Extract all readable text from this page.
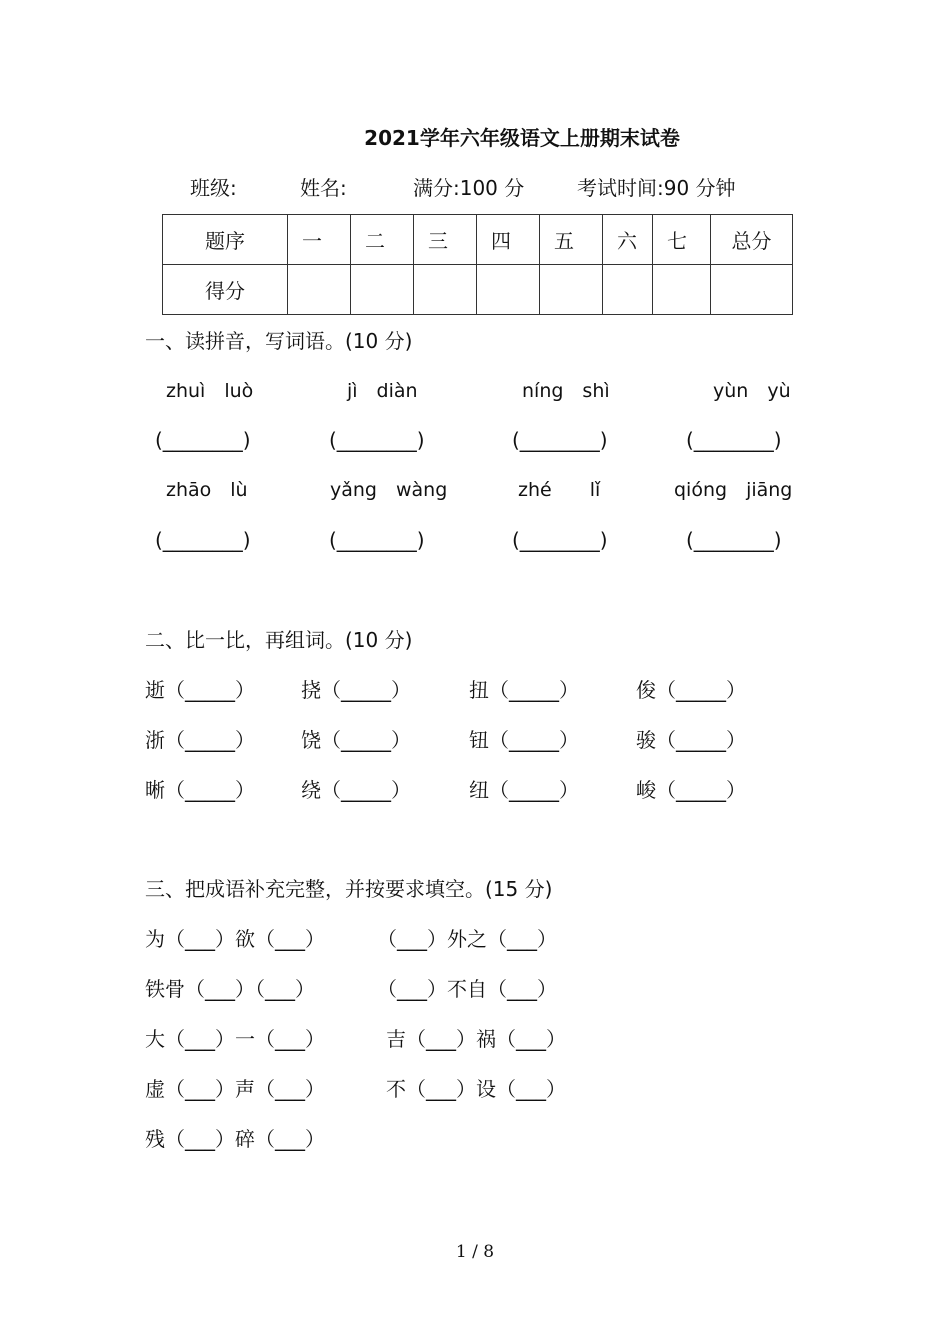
2021学年六年级语文上册期末试卷
班级:	姓名:	满分:100 分	考试时间:90 分钟
题序	一	二	三	四	五	六	七	总分
得分								
一、读拼音，写词语。(10 分)
zhuì　luò	jì　diàn	níng　shì	yùn　yù
(________)	(________)	(________)	(________)
zhāo　lù	yǎng　wàng	zhé　　lǐ	qióng　jiāng
(________)	(________)	(________)	(________)
二、比一比，再组词。(10 分)
逝（_____） 挠（_____）	扭（_____）	俊（_____）
浙（_____） 饶（_____）	钮（_____）	骏（_____）
晰（_____） 绕（_____）	纽（_____）	峻（_____）
三、把成语补充完整，并按要求填空。(15 分)
为（___）欲（___）	（___）外之（___）
铁骨（___）（___）	（___）不自（___）
大（___）一（___）	吉（___）祸（___）
虚（___）声（___）	不（___）设（___）
残（___）碎（___）
1 / 8
